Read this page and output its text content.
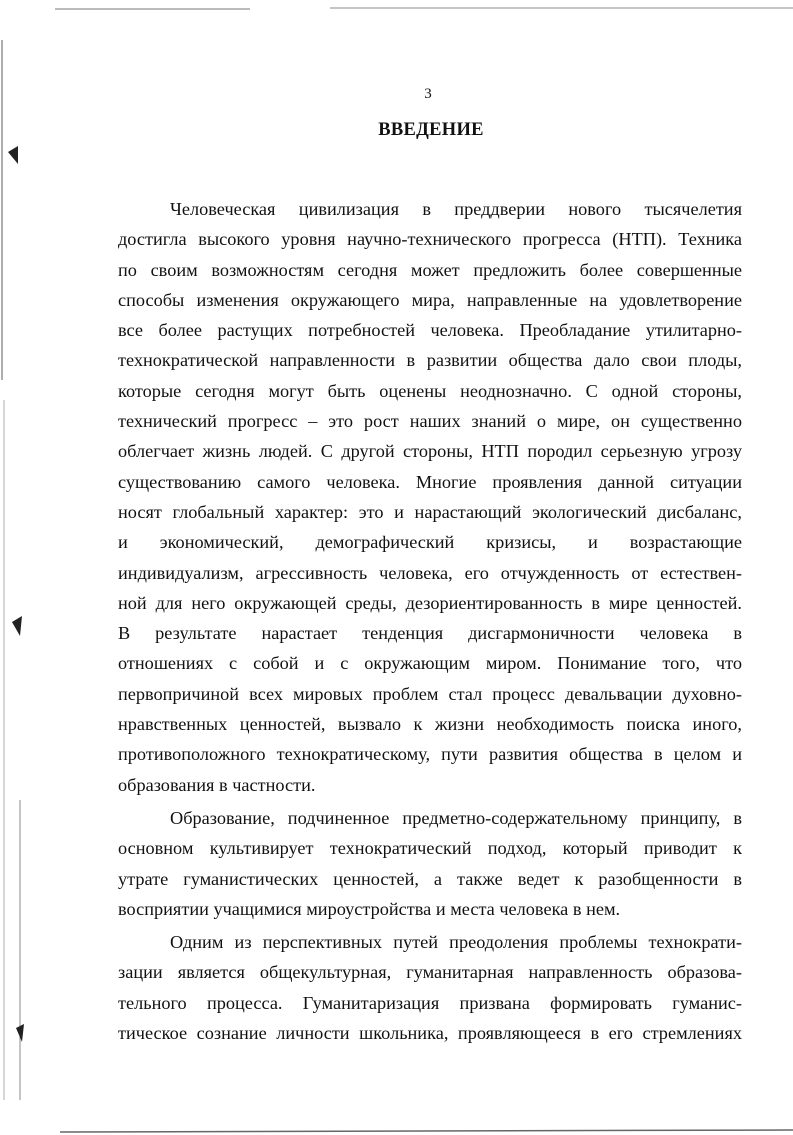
3
ВВЕДЕНИЕ
Человеческая цивилизация в преддверии нового тысячелетия
достигла высокого уровня научно-технического прогресса (НТП). Техника
по своим возможностям сегодня может предложить более совершенные
способы изменения окружающего мира, направленные на удовлетворение
все более растущих потребностей человека. Преобладание утилитарно-
технократической направленности в развитии общества дало свои плоды,
которые сегодня могут быть оценены неоднозначно. С одной стороны,
технический прогресс – это рост наших знаний о мире, он существенно
облегчает жизнь людей. С другой стороны, НТП породил серьезную угрозу
существованию самого человека. Многие проявления данной ситуации
носят глобальный характер: это и нарастающий экологический дисбаланс,
и экономический, демографический кризисы, и возрастающие
индивидуализм, агрессивность человека, его отчужденность от естествен-
ной для него окружающей среды, дезориентированность в мире ценностей.
В результате нарастает тенденция дисгармоничности человека в
отношениях с собой и с окружающим миром. Понимание того, что
первопричиной всех мировых проблем стал процесс девальвации духовно-
нравственных ценностей, вызвало к жизни необходимость поиска иного,
противоположного технократическому, пути развития общества в целом и
образования в частности.
Образование, подчиненное предметно-содержательному принципу, в
основном культивирует технократический подход, который приводит к
утрате гуманистических ценностей, а также ведет к разобщенности в
восприятии учащимися мироустройства и места человека в нем.
Одним из перспективных путей преодоления проблемы технократи-
зации является общекультурная, гуманитарная направленность образова-
тельного процесса. Гуманитаризация призвана формировать гуманис-
тическое сознание личности школьника, проявляющееся в его стремлениях
